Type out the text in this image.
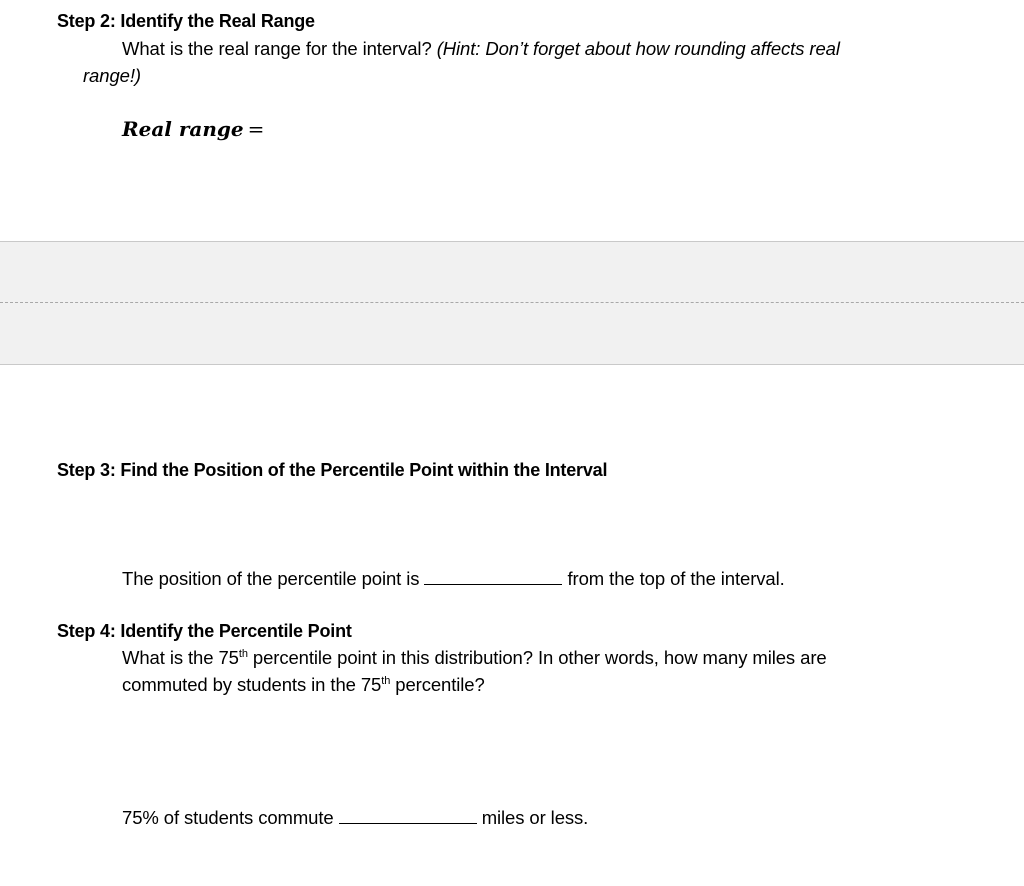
Step 2: Identify the Real Range
What is the real range for the interval? (Hint: Don’t forget about how rounding affects real
range!)
Real range =
Step 3: Find the Position of the Percentile Point within the Interval
The position of the percentile point is	from the top of the interval.
Step 4: Identify the Percentile Point
What is the 75th percentile point in this distribution? In other words, how many miles are
commuted by students in the 75th percentile?
75% of students commute	miles or less.
